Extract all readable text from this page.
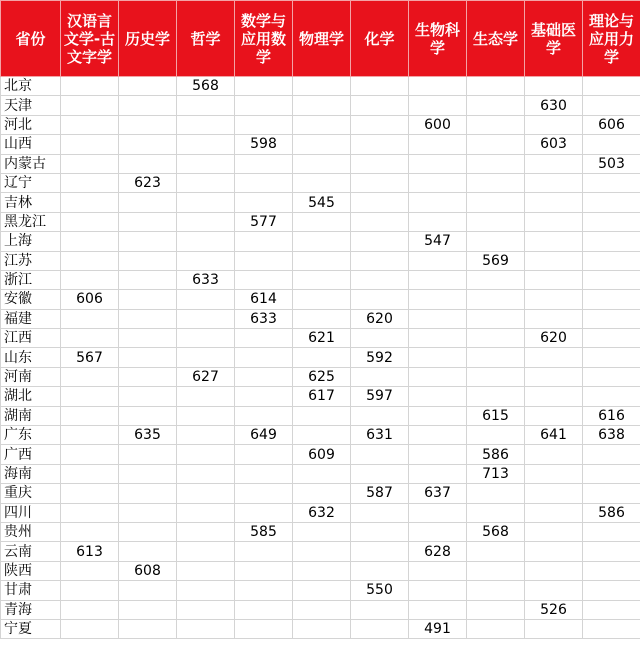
省份	汉语言文学-古文字学	历史学	哲学	数学与应用数学	物理学	化学	生物科学	生态学	基础医学	理论与应用力学
北京			568							
天津									630	
河北							600			606
山西				598					603	
内蒙古										503
辽宁		623								
吉林					545					
黑龙江				577						
上海							547			
江苏								569		
浙江			633							
安徽	606			614						
福建				633		620				
江西					621				620	
山东	567					592				
河南			627		625					
湖北					617	597				
湖南								615		616
广东		635		649		631			641	638
广西					609			586		
海南								713		
重庆						587	637			
四川					632					586
贵州				585				568		
云南	613						628			
陕西		608								
甘肃						550				
青海									526	
宁夏							491			
